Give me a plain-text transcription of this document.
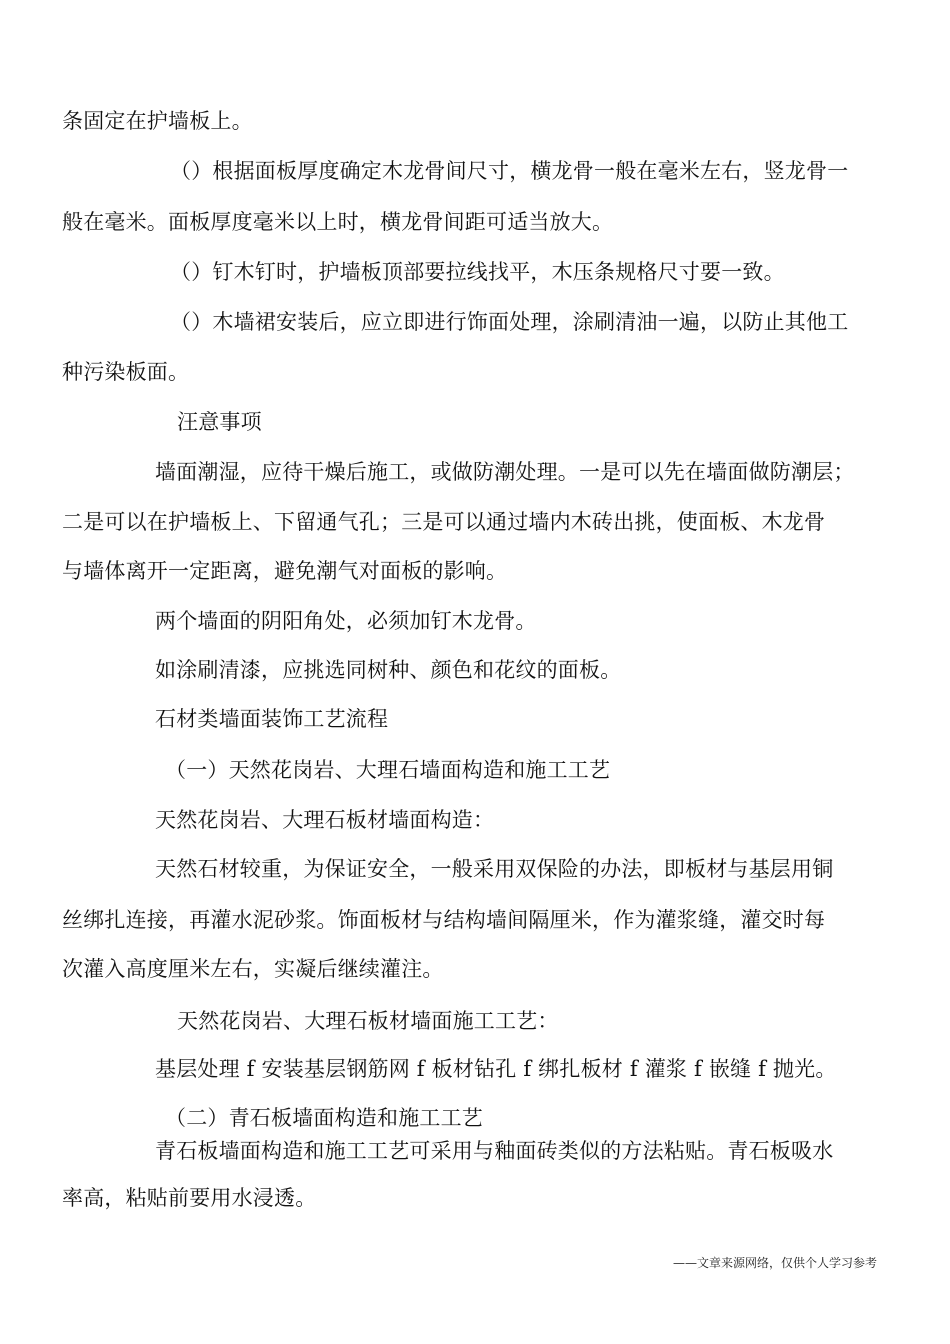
条固定在护墙板上。
（）根据面板厚度确定木龙骨间尺寸，横龙骨一般在毫米左右，竖龙骨一
般在毫米。面板厚度毫米以上时，横龙骨间距可适当放大。
（）钉木钉时，护墙板顶部要拉线找平，木压条规格尺寸要一致。
（）木墙裙安装后，应立即进行饰面处理，涂刷清油一遍，以防止其他工
种污染板面。
汪意事项
墙面潮湿，应待干燥后施工，或做防潮处理。一是可以先在墙面做防潮层；
二是可以在护墙板上、下留通气孔；三是可以通过墙内木砖出挑，使面板、木龙骨
与墙体离开一定距离，避免潮气对面板的影响。
两个墙面的阴阳角处，必须加钉木龙骨。
如涂刷清漆，应挑选同树种、颜色和花纹的面板。
石材类墙面装饰工艺流程
（一）天然花岗岩、大理石墙面构造和施工工艺
天然花岗岩、大理石板材墙面构造：
天然石材较重，为保证安全，一般采用双保险的办法，即板材与基层用铜
丝绑扎连接，再灌水泥砂浆。饰面板材与结构墙间隔厘米，作为灌浆缝，灌交时每
次灌入高度厘米左右，实凝后继续灌注。
天然花岗岩、大理石板材墙面施工工艺：
基层处理 f 安装基层钢筋网 f 板材钻孔 f 绑扎板材 f 灌浆 f 嵌缝 f 抛光。
（二）青石板墙面构造和施工工艺
青石板墙面构造和施工工艺可采用与釉面砖类似的方法粘贴。青石板吸水
率高，粘贴前要用水浸透。
——文章来源网络，仅供个人学习参考
